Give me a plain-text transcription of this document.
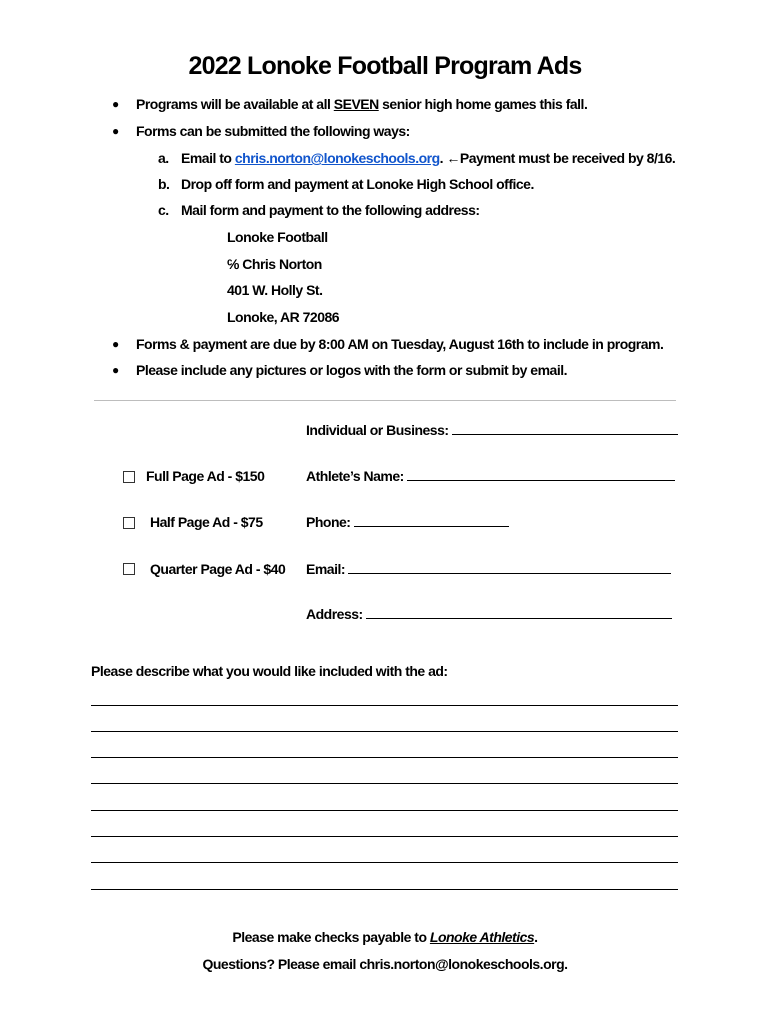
2022 Lonoke Football Program Ads
● Programs will be available at all SEVEN senior high home games this fall.
● Forms can be submitted the following ways:
a. Email to chris.norton@lonokeschools.org. ←Payment must be received by 8/16.
b. Drop off form and payment at Lonoke High School office.
c. Mail form and payment to the following address:
Lonoke Football
℅ Chris Norton
401 W. Holly St.
Lonoke, AR 72086
● Forms & payment are due by 8:00 AM on Tuesday, August 16th to include in program.
● Please include any pictures or logos with the form or submit by email.
Individual or Business:
Full Page Ad - $150	Athlete’s Name:
Half Page Ad - $75	Phone:
Quarter Page Ad - $40 Email:
Address:
Please describe what you would like included with the ad:
Please make checks payable to Lonoke Athletics.
Questions? Please email chris.norton@lonokeschools.org.
